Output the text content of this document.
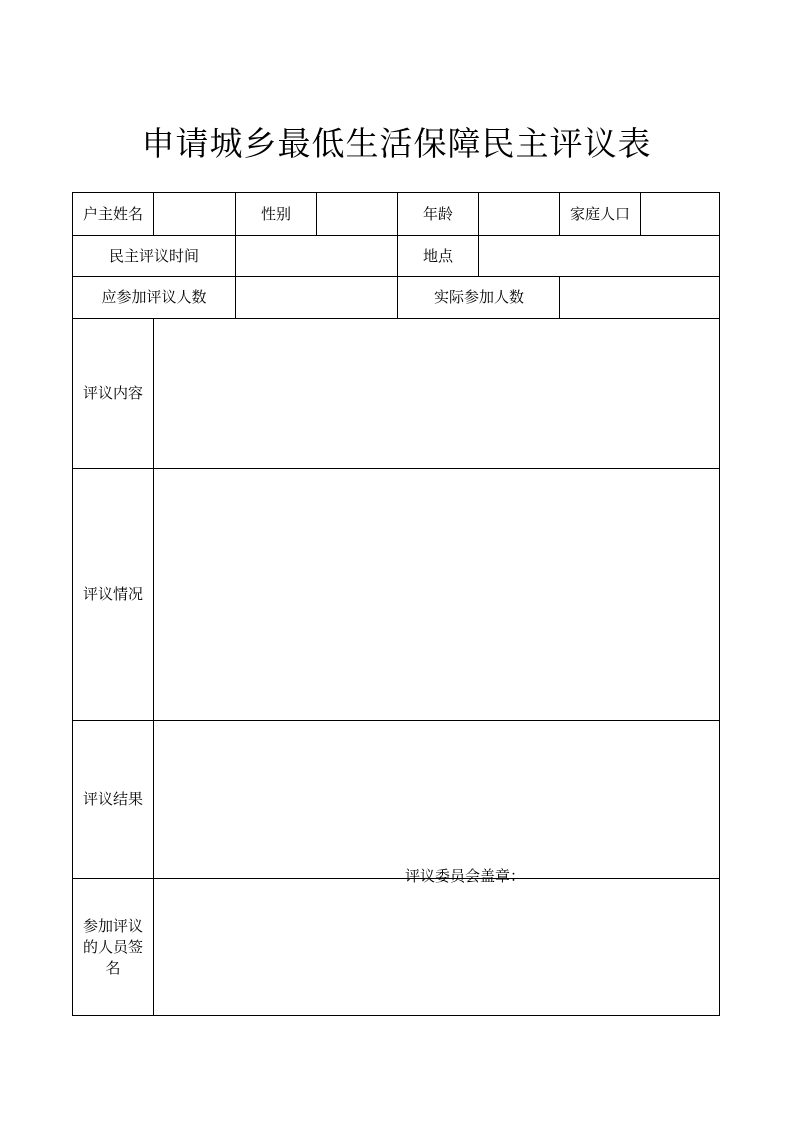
申请城乡最低生活保障民主评议表
户主姓名	性别	年龄	家庭人口
民主评议时间	地点
应参加评议人数	实际参加人数
评议内容
评议情况
评议结果
参加评议的人员签名
评议委员会盖章：
